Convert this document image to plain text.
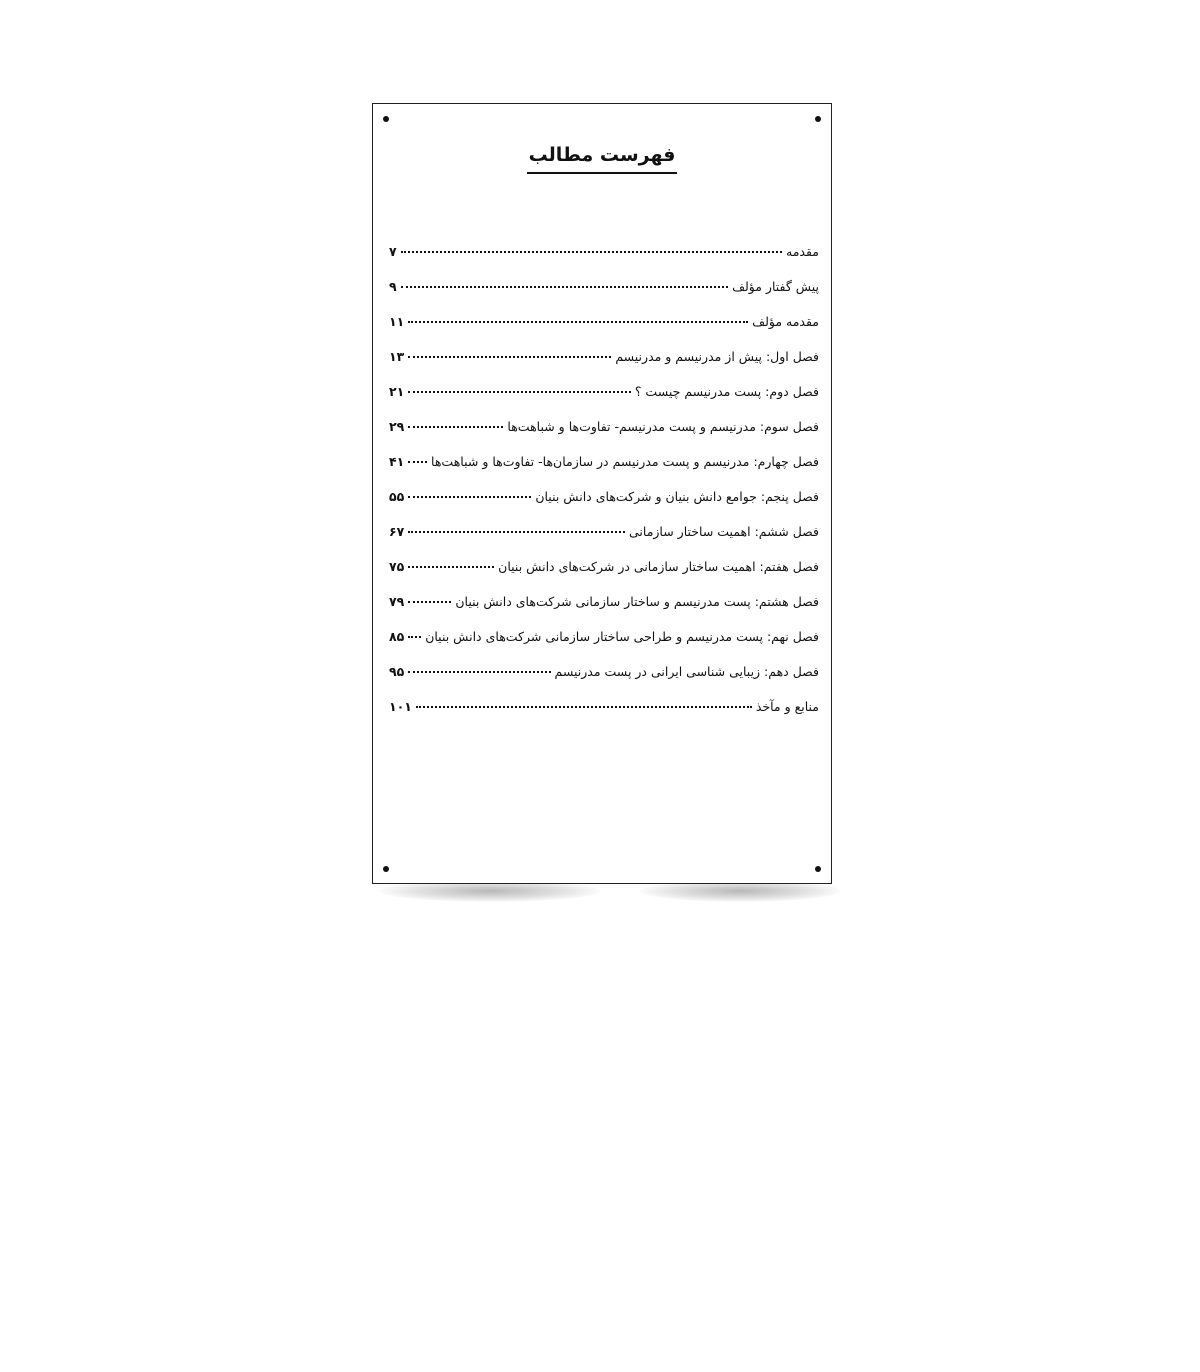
فهرست مطالب
مقدمه
۷
پیش گفتار مؤلف
۹
مقدمه مؤلف
۱۱
فصل اول: پیش از مدرنیسم و مدرنیسم
۱۳
فصل دوم: پست مدرنیسم چیست ؟
۲۱
فصل سوم: مدرنیسم و پست مدرنیسم- تفاوت‌ها و شباهت‌ها
۲۹
فصل چهارم: مدرنیسم و پست مدرنیسم در سازمان‌ها- تفاوت‌ها و شباهت‌ها
۴۱
فصل پنجم: جوامع دانش بنیان و شرکت‌های دانش بنیان
۵۵
فصل ششم: اهمیت ساختار سازمانی
۶۷
فصل هفتم: اهمیت ساختار سازمانی در شرکت‌های دانش بنیان
۷۵
فصل هشتم: پست مدرنیسم و ساختار سازمانی شرکت‌های دانش بنیان
۷۹
فصل نهم: پست مدرنیسم و طراحی ساختار سازمانی شرکت‌های دانش بنیان
۸۵
فصل دهم: زیبایی شناسی ایرانی در پست مدرنیسم
۹۵
منابع و مآخذ
۱۰۱
